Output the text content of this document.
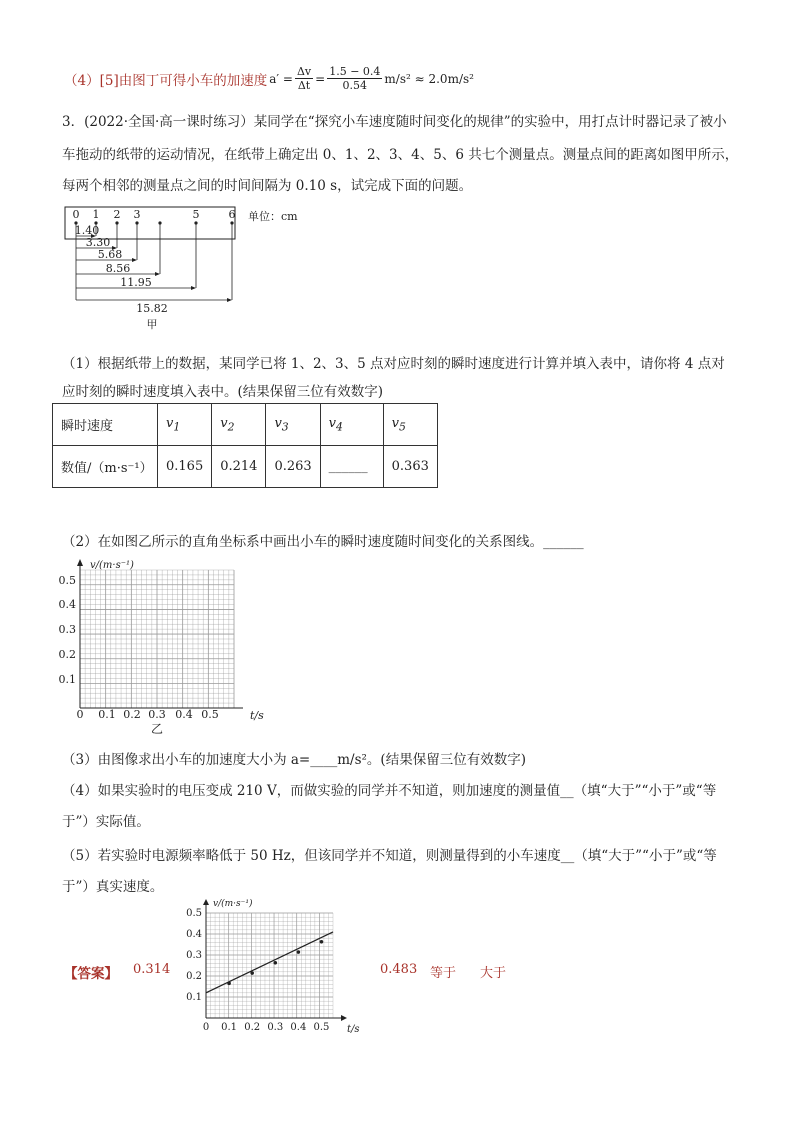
（4）[5]由图丁可得小车的加速度 $a' = \frac{\Delta v}{\Delta t} = \frac{1.5 - 0.4}{0.54} m/s^2 \approx 2.0m/s^2$
3．(2022·全国·高一课时练习）某同学在“探究小车速度随时间变化的规律”的实验中，用打点计时器记录了被小
车拖动的纸带的运动情况，在纸带上确定出 0、1、2、3、4、5、6 共七个测量点。测量点间的距离如图甲所示，
每两个相邻的测量点之间的时间间隔为 0.10 s，试完成下面的问题。
0 1 2 3	5	6 单位：cm
1.40
3.30
5.68
8.56
11.95
15.82
甲
（1）根据纸带上的数据，某同学已将 1、2、3、5 点对应时刻的瞬时速度进行计算并填入表中，请你将 4 点对
应时刻的瞬时速度填入表中。(结果保留三位有效数字)
瞬时速度	$v_1$	$v_2$	$v_3$	$v_4$	$v_5$
数值/（m·s⁻¹）	0.165	0.214	0.263	______	0.363
（2）在如图乙所示的直角坐标系中画出小车的瞬时速度随时间变化的关系图线。______
v/(m·s⁻¹)
0.5
0.4
0.3
0.2
0.1
0 0.1 0.2 0.3 0.4 0.5	t/s
乙
（3）由图像求出小车的加速度大小为 a=____m/s²。(结果保留三位有效数字)
（4）如果实验时的电压变成 210 V，而做实验的同学并不知道，则加速度的测量值__（填“大于”“小于”或“等
于”）实际值。
（5）若实验时电源频率略低于 50 Hz，但该同学并不知道，则测量得到的小车速度__（填“大于”“小于”或“等
于”）真实速度。
【答案】 0.314	0.483 等于 大于
v/(m·s⁻¹)
t/s
0.1
0.2
0.3
0.4
0.5
0 0.1 0.2 0.3 0.4 0.5
